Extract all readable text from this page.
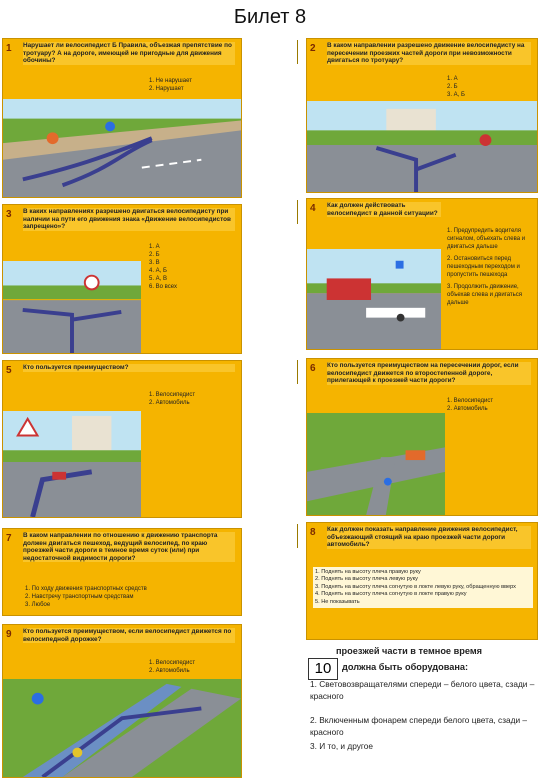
Билет 8
1 Нарушает ли велосипедист Б Правила, объезжая препятствие по тротуару? А на дороге, имеющей не пригодные для движения обочины?
1. Не нарушает
2. Нарушает
2 В каком направлении разрешено движение велосипедисту на пересечении проезжих частей дороги при невозможности двигаться по тротуару?
1. А
2. Б
3. А, Б
3 В каких направлениях разрешено двигаться велосипедисту при наличии на пути его движения знака «Движение велосипедистов запрещено»?
1. А
2. Б
3. В
4. А, Б
5. А, В
6. Во всех
4 Как должен действовать велосипедист в данной ситуации?
1. Предупредить водителя сигналом, объехать слева и двигаться дальше
2. Остановиться перед пешеходным переходом и пропустить пешехода
3. Продолжить движение, объехав слева и двигаться дальше
5 Кто пользуется преимуществом?
1. Велосипедист
2. Автомобиль
6 Кто пользуется преимуществом на пересечении дорог, если велосипедист движется по второстепенной дороге, прилегающей к проезжей части дороги?
1. Велосипедист
2. Автомобиль
7 В каком направлении по отношению к движению транспорта должен двигаться пешеход, ведущий велосипед, по краю проезжей части дороги в темное время суток (или) при недостаточной видимости дороги?
1. По ходу движения транспортных средств
2. Навстречу транспортным средствам
3. Любое
8 Как должен показать направление движения велосипедист, объезжающий стоящий на краю проезжей части дороги автомобиль?
1. Поднять на высоту плеча правую руку
2. Поднять на высоту плеча левую руку
3. Поднять на высоту плеча согнутую в локте левую руку, обращенную вверх
4. Поднять на высоту плеча согнутую в локте правую руку
5. Не показывать
9 Кто пользуется преимуществом, если велосипедист движется по велосипедной дорожке?
1. Велосипедист
2. Автомобиль
проезжей части в темное время
10	должна быть оборудована:
1. Световозвращателями спереди – белого цвета, сзади – красного
2. Включенным фонарем спереди белого цвета, сзади – красного
3. И то, и другое
